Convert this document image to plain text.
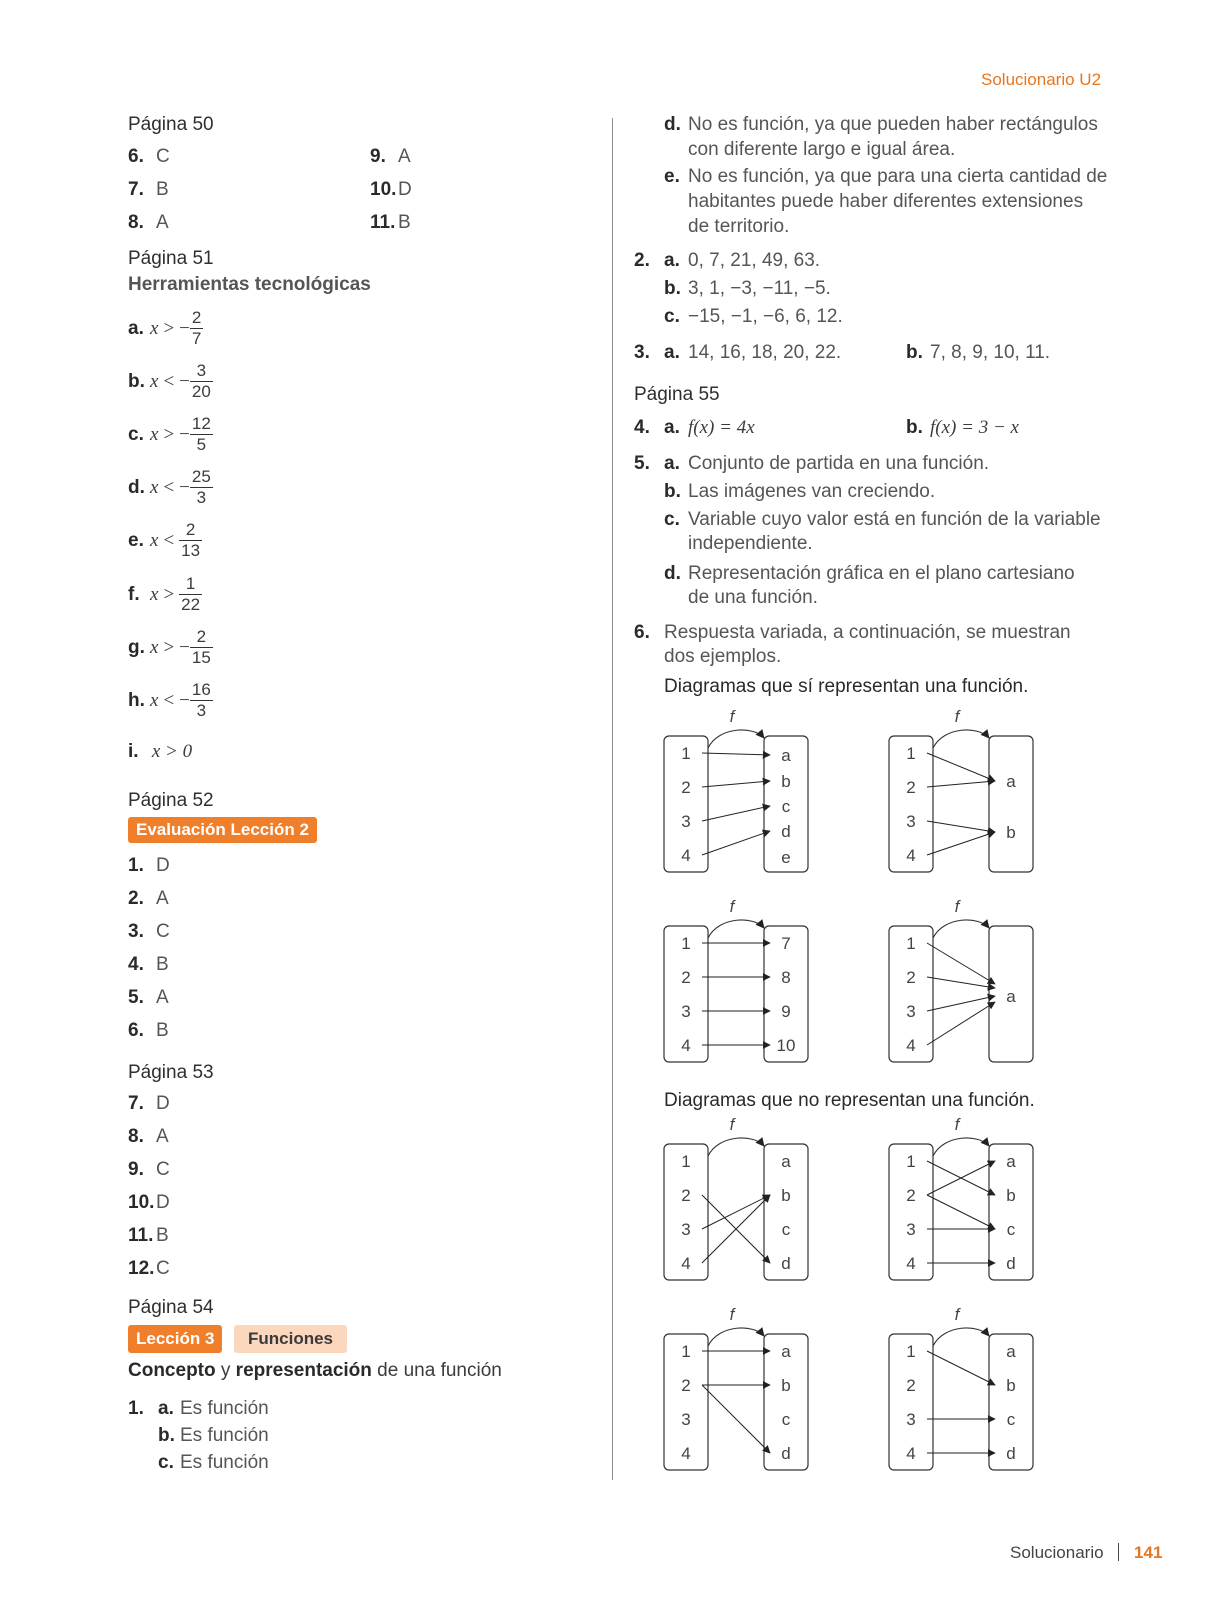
Solucionario U2
Página 50
6. C
7. B
8. A
9. A
10.D
11. B
Página 51
Herramientas tecnológicas
a. x > − $\frac{2}{7}$
b. x < − $\frac{3}{20}$
c. x > − $\frac{12}{5}$
d. x < − $\frac{25}{3}$
e. $x < \frac{2}{13}$
f. $x > \frac{1}{22}$
g. x > − $\frac{2}{15}$
h. x < − $\frac{16}{3}$
i. x > 0
Página 52
Evaluación Lección 2
1. D
2. A
3. C
4. B
5. A
6. B
Página 53
7. D
8. A
9. C
10.D
11. B
12.C
Página 54
Lección 3	Funciones
Concepto y representación de una función
1. a. Es función
b. Es función
c. Es función
d. No es función, ya que pueden haber rectángulos
con diferente largo e igual área.
e. No es función, ya que para una cierta cantidad de
habitantes puede haber diferentes extensiones
de territorio.
2. a. 0, 7, 21, 49, 63.
b. 3, 1, −3, −11, −5.
c. −15, −1, −6, 6, 12.
3. a. 14, 16, 18, 20, 22.	b. 7, 8, 9, 10, 11.
Página 55
4. a. f(x) = 4x	b. f(x) = 3 − x
5. a. Conjunto de partida en una función.
b. Las imágenes van creciendo.
c. Variable cuyo valor está en función de la variable
independiente.
d. Representación gráfica en el plano cartesiano
de una función.
6. Respuesta variada, a continuación, se muestran
dos ejemplos.
Diagramas que sí representan una función.
Diagramas que no representan una función.
f
1
2
3
4
a
b
c
d
e
f
1
2
3
4
a
b
f
1
2
3
4
7
8
9
10
f
1
2
3
4
a
f
1
2
3
4
a
b
c
d
f
1
2
3
4
a
b
c
d
f
1
2
3
4
a
b
c
d
f
1
2
3
4
a
b
c
d
Solucionario 141
